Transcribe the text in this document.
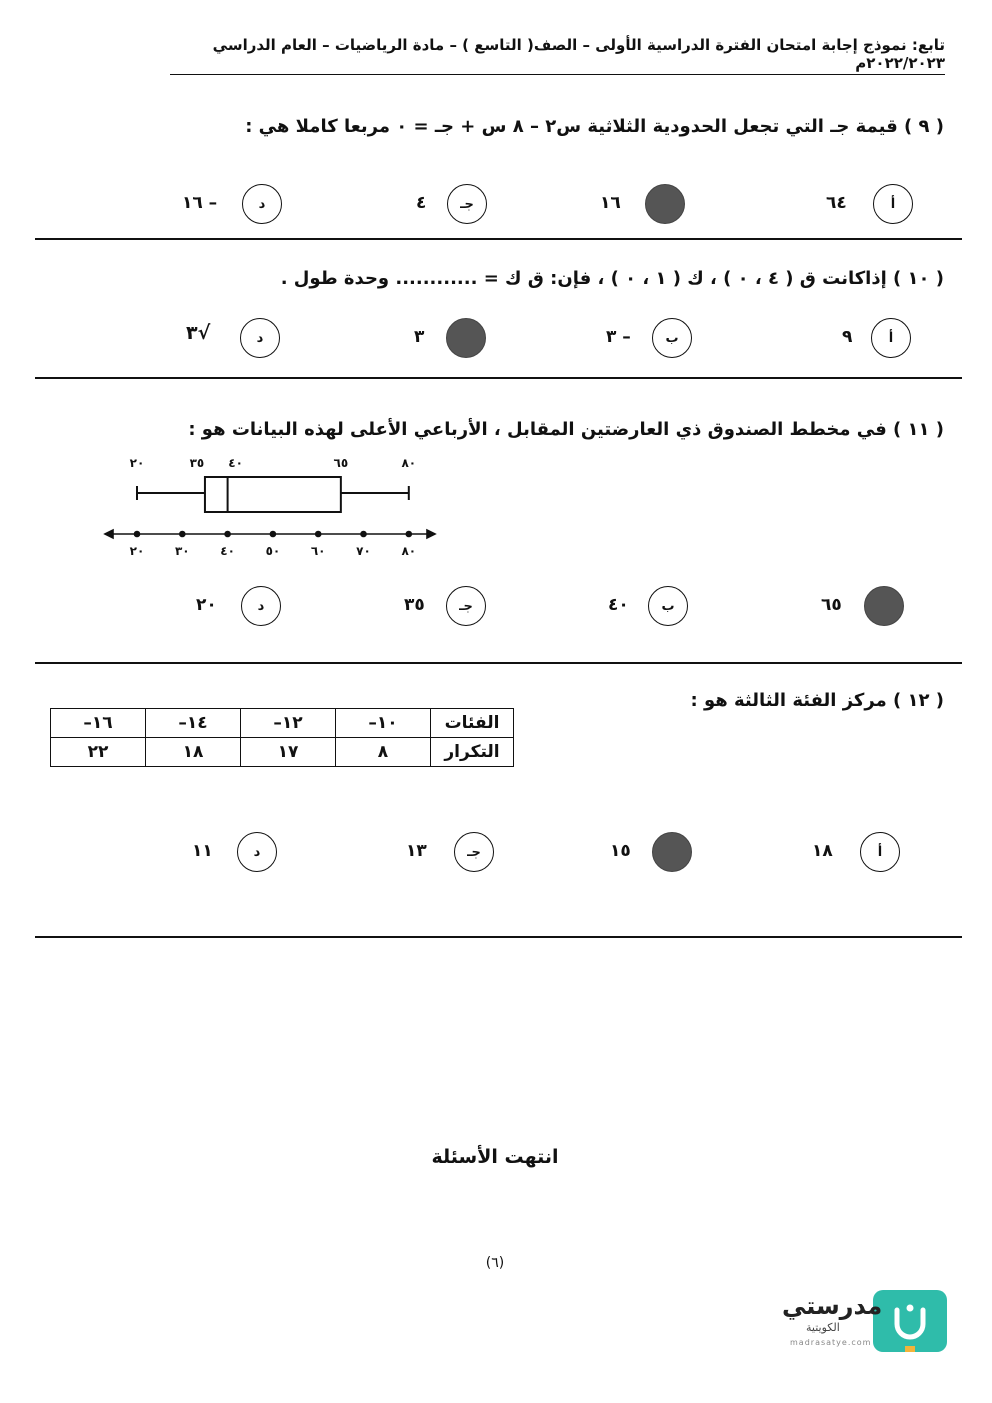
تابع: نموذج إجابة امتحان الفترة الدراسية الأولى – الصف( التاسع ) – مادة الرياضيات – العام الدراسي ٢٠٢٢/٢٠٢٣م
( ٩ ) قيمة جـ التي تجعل الحدودية الثلاثية س٢ – ٨ س + جـ = ٠ مربعا كاملا هي :
أ
٦٤
١٦
جـ
٤
د
– ١٦
( ١٠ ) إذاكانت ق ( ٤ ، ٠ ) ، ك ( ١ ، ٠ ) ، فإن: ق ك = ............ وحدة طول .
أ
٩
ب
– ٣
٣
د
√٣
( ١١ ) في مخطط الصندوق ذي العارضتين المقابل ، الأرباعي الأعلى لهذه البيانات هو :
٢٠	٣٥ ٤٠	٦٥	٨٠
٢٠	٣٠	٤٠	٥٠	٦٠	٧٠	٨٠
٦٥
ب
٤٠
جـ
٣٥
د
٢٠
( ١٢ ) مركز الفئة الثالثة هو :
الفئات	١٠–	١٢–	١٤–	١٦–
التكرار	٨	١٧	١٨	٢٢
أ
١٨
١٥
جـ
١٣
د
١١
انتهت الأسئلة
(٦)
مدرستي
الكويتية
madrasatye.com
